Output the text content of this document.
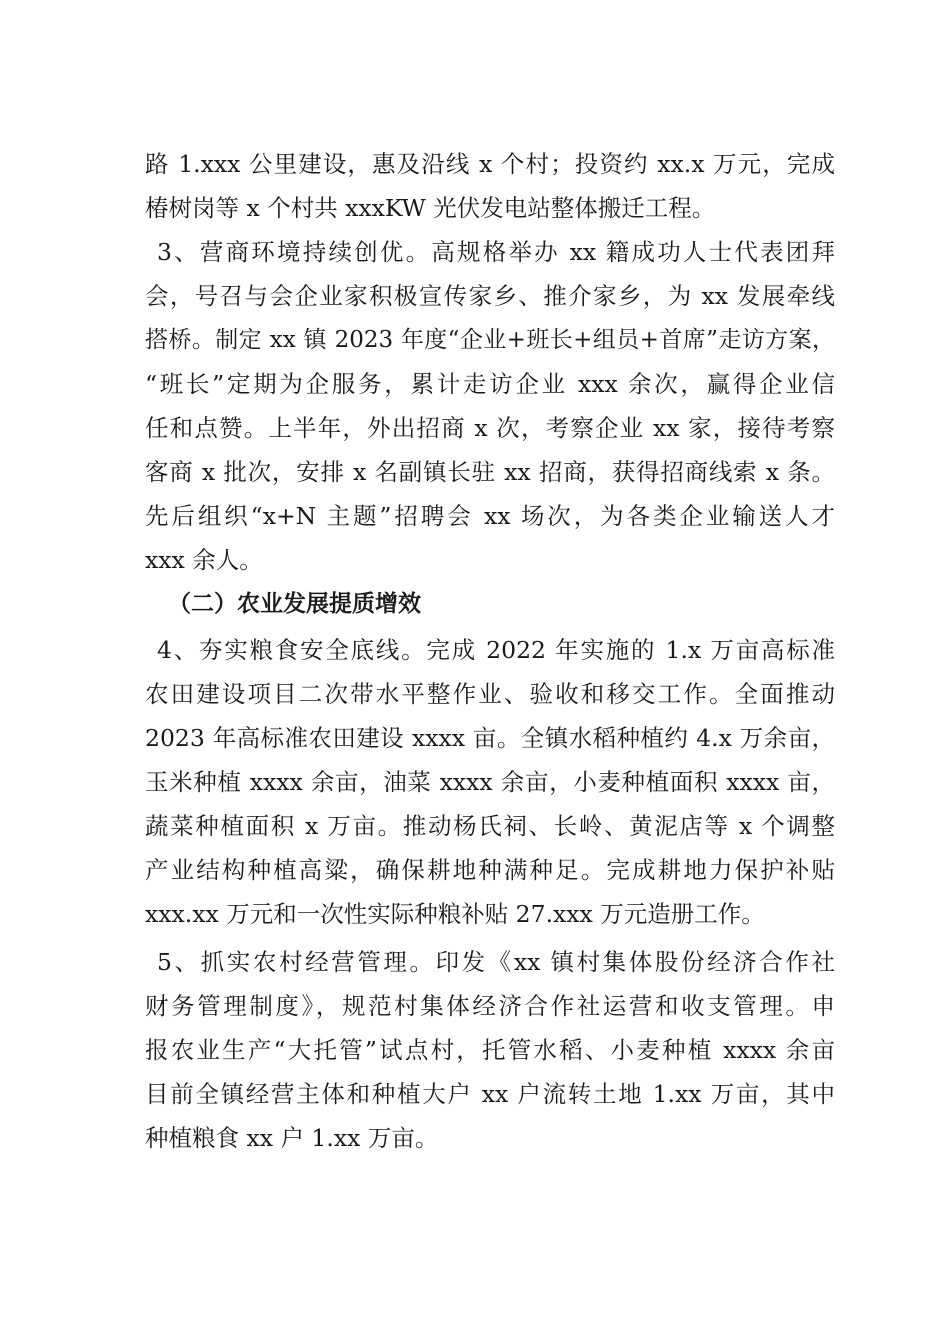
路 1.xxx 公里建设，惠及沿线 x 个村；投资约 xx.x 万元，完成
椿树岗等 x 个村共 xxxKW 光伏发电站整体搬迁工程。
3、营商环境持续创优。高规格举办 xx 籍成功人士代表团拜
会，号召与会企业家积极宣传家乡、推介家乡，为 xx 发展牵线
搭桥。制定 xx 镇 2023 年度“企业+班长+组员+首席”走访方案，
“班长”定期为企服务，累计走访企业 xxx 余次，赢得企业信
任和点赞。上半年，外出招商 x 次，考察企业 xx 家，接待考察
客商 x 批次，安排 x 名副镇长驻 xx 招商，获得招商线索 x 条。
先后组织“x+N 主题”招聘会 xx 场次，为各类企业输送人才
xxx 余人。
（二）农业发展提质增效
4、夯实粮食安全底线。完成 2022 年实施的 1.x 万亩高标准
农田建设项目二次带水平整作业、验收和移交工作。全面推动
2023 年高标准农田建设 xxxx 亩。全镇水稻种植约 4.x 万余亩，
玉米种植 xxxx 余亩，油菜 xxxx 余亩，小麦种植面积 xxxx 亩，
蔬菜种植面积 x 万亩。推动杨氏祠、长岭、黄泥店等 x 个调整
产业结构种植高粱，确保耕地种满种足。完成耕地力保护补贴
xxx.xx 万元和一次性实际种粮补贴 27.xxx 万元造册工作。
5、抓实农村经营管理。印发《xx 镇村集体股份经济合作社
财务管理制度》，规范村集体经济合作社运营和收支管理。申
报农业生产“大托管”试点村，托管水稻、小麦种植 xxxx 余亩
目前全镇经营主体和种植大户 xx 户流转土地 1.xx 万亩，其中
种植粮食 xx 户 1.xx 万亩。
